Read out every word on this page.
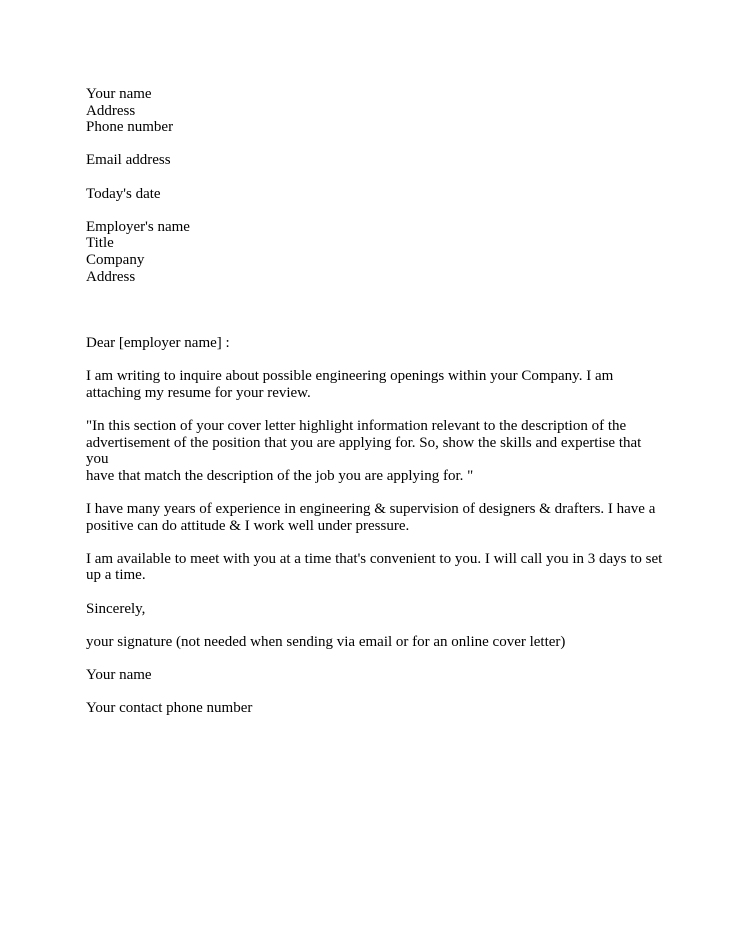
Your name
Address
Phone number
Email address
Today's date
Employer's name
Title
Company
Address
Dear [employer name] :
I am writing to inquire about possible engineering openings within your Company. I am
attaching my resume for your review.
"In this section of your cover letter highlight information relevant to the description of the
advertisement of the position that you are applying for. So, show the skills and expertise that you
have that match the description of the job you are applying for. "
I have many years of experience in engineering & supervision of designers & drafters. I have a
positive can do attitude & I work well under pressure.
I am available to meet with you at a time that's convenient to you. I will call you in 3 days to set
up a time.
Sincerely,
your signature (not needed when sending via email or for an online cover letter)
Your name
Your contact phone number
